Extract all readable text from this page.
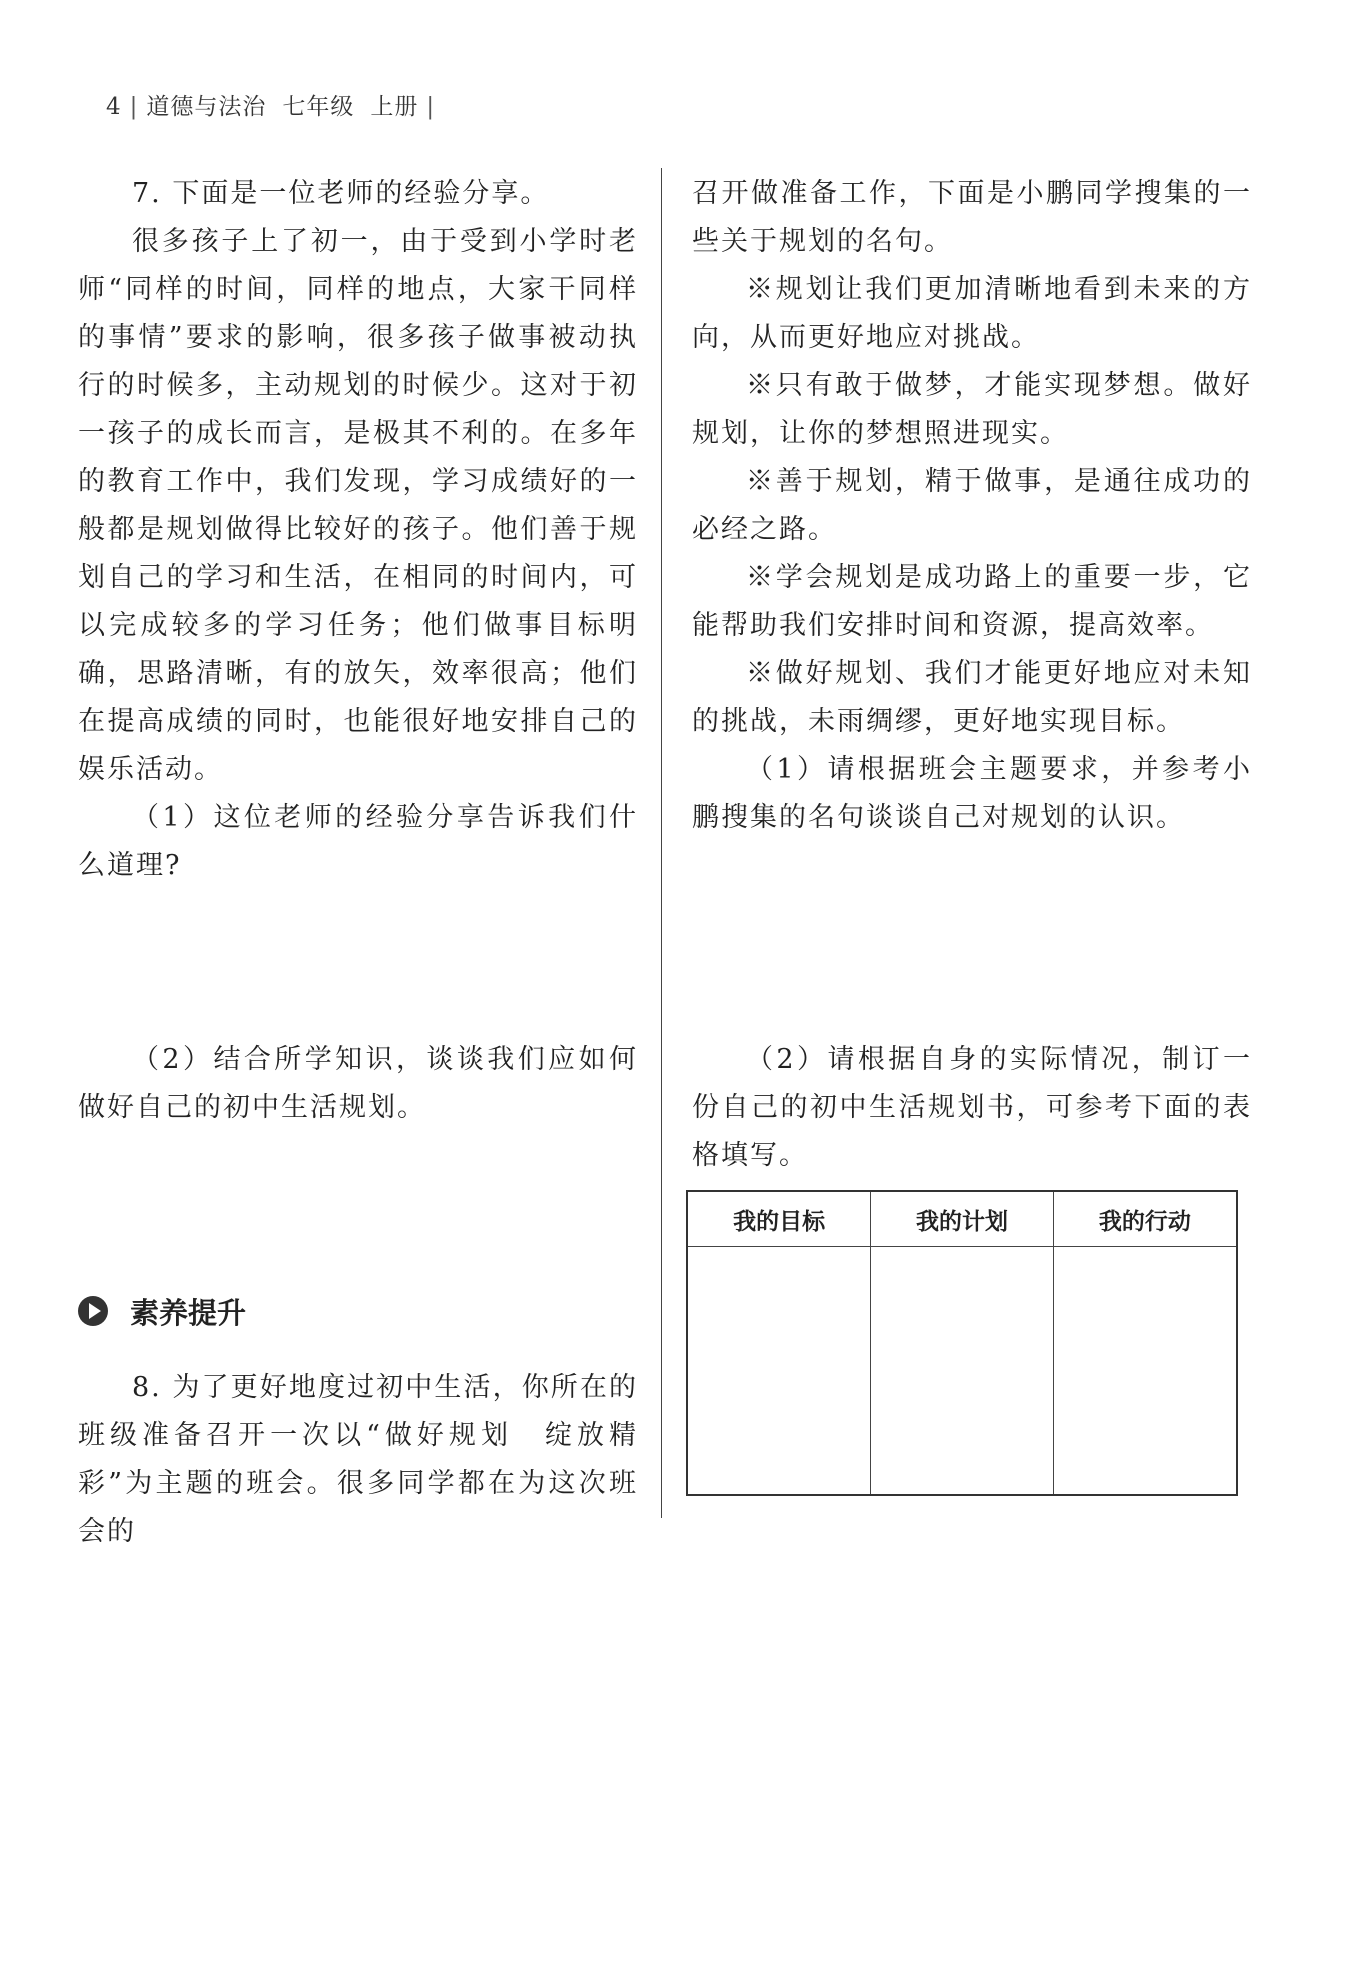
4 | 道德与法治 七年级 上册 |

7. 下面是一位老师的经验分享。

很多孩子上了初一，由于受到小学时老师“同样的时间，同样的地点，大家干同样的事情”要求的影响，很多孩子做事被动执行的时候多，主动规划的时候少。这对于初一孩子的成长而言，是极其不利的。在多年的教育工作中，我们发现，学习成绩好的一般都是规划做得比较好的孩子。他们善于规划自己的学习和生活，在相同的时间内，可以完成较多的学习任务；他们做事目标明确，思路清晰，有的放矢，效率很高；他们在提高成绩的同时，也能很好地安排自己的娱乐活动。

（1）这位老师的经验分享告诉我们什么道理?

（2）结合所学知识，谈谈我们应如何做好自己的初中生活规划。

素养提升

8. 为了更好地度过初中生活，你所在的班级准备召开一次以“做好规划　绽放精彩”为主题的班会。很多同学都在为这次班会的

召开做准备工作，下面是小鹏同学搜集的一些关于规划的名句。

※规划让我们更加清晰地看到未来的方向，从而更好地应对挑战。

※只有敢于做梦，才能实现梦想。做好规划，让你的梦想照进现实。

※善于规划，精于做事，是通往成功的必经之路。

※学会规划是成功路上的重要一步，它能帮助我们安排时间和资源，提高效率。

※做好规划、我们才能更好地应对未知的挑战，未雨绸缪，更好地实现目标。

（1）请根据班会主题要求，并参考小鹏搜集的名句谈谈自己对规划的认识。

（2）请根据自身的实际情况，制订一份自己的初中生活规划书，可参考下面的表格填写。

我的目标	我的计划	我的行动
